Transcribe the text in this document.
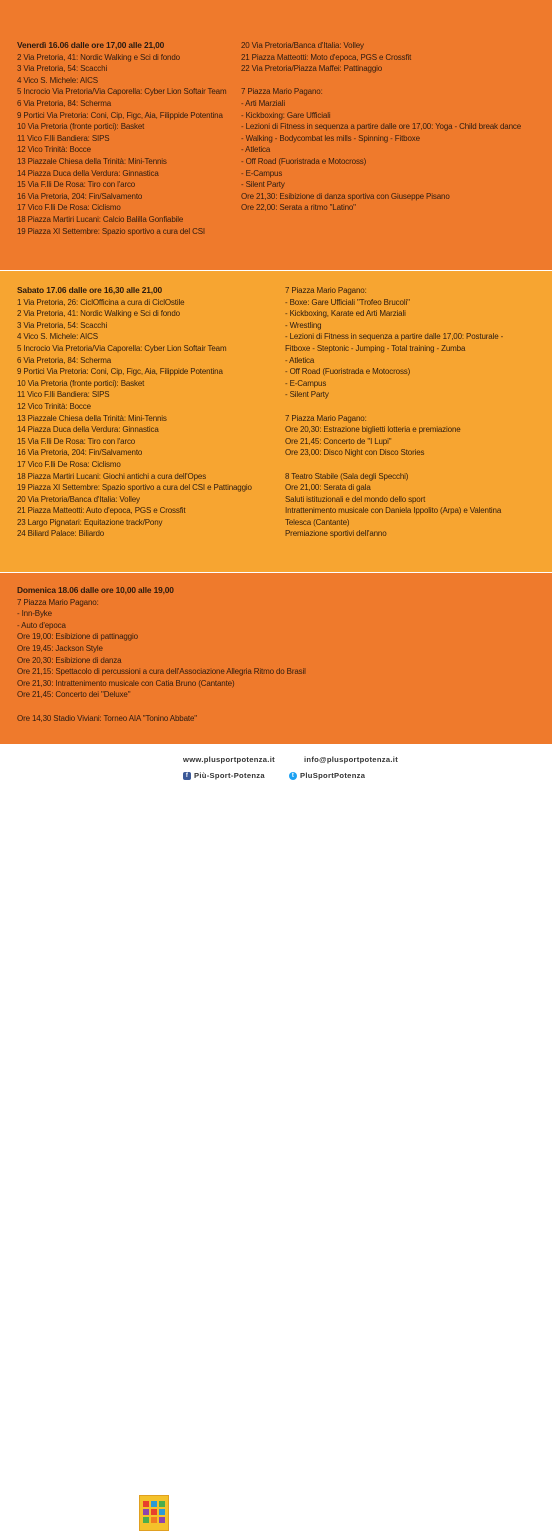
Venerdì 16.06 dalle ore 17,00 alle 21,00
2 Via Pretoria, 41: Nordic Walking e Sci di fondo
3 Via Pretoria, 54: Scacchi
4 Vico S. Michele: AICS
5 Incrocio Via Pretoria/Via Caporella: Cyber Lion Softair Team
6 Via Pretoria, 84: Scherma
9 Portici Via Pretoria: Coni, Cip, Figc, Aia, Filippide Potentina
10 Via Pretoria (fronte portici): Basket
11 Vico F.lli Bandiera: SIPS
12 Vico Trinità: Bocce
13 Piazzale Chiesa della Trinità: Mini-Tennis
14 Piazza Duca della Verdura: Ginnastica
15 Via F.lli De Rosa: Tiro con l'arco
16 Via Pretoria, 204: Fin/Salvamento
17 Vico F.lli De Rosa: Ciclismo
18 Piazza Martiri Lucani: Calcio Balilla Gonfiabile
19 Piazza XI Settembre: Spazio sportivo a cura del CSI
20 Via Pretoria/Banca d'Italia: Volley
21 Piazza Matteotti: Moto d'epoca, PGS e Crossfit
22 Via Pretoria/Piazza Maffei: Pattinaggio

7 Piazza Mario Pagano:
- Arti Marziali
- Kickboxing: Gare Ufficiali
- Lezioni di Fitness in sequenza a partire dalle ore 17,00: Yoga - Child break dance
- Walking - Bodycombat les mills - Spinning - Fitboxe
- Atletica
- Off Road (Fuoristrada e Motocross)
- E-Campus
- Silent Party
Ore 21,30: Esibizione di danza sportiva con Giuseppe Pisano
Ore 22,00: Serata a ritmo "Latino"
Sabato 17.06 dalle ore 16,30 alle 21,00
1 Via Pretoria, 26: CiclOfficina a cura di CiclOstile
2 Via Pretoria, 41: Nordic Walking e Sci di fondo
3 Via Pretoria, 54: Scacchi
4 Vico S. Michele: AICS
5 Incrocio Via Pretoria/Via Caporella: Cyber Lion Softair Team
6 Via Pretoria, 84: Scherma
9 Portici Via Pretoria: Coni, Cip, Figc, Aia, Filippide Potentina
10 Via Pretoria (fronte portici): Basket
11 Vico F.lli Bandiera: SIPS
12 Vico Trinità: Bocce
13 Piazzale Chiesa della Trinità: Mini-Tennis
14 Piazza Duca della Verdura: Ginnastica
15 Via F.lli De Rosa: Tiro con l'arco
16 Via Pretoria, 204: Fin/Salvamento
17 Vico F.lli De Rosa: Ciclismo
18 Piazza Martiri Lucani: Giochi antichi a cura dell'Opes
19 Piazza XI Settembre: Spazio sportivo a cura del CSI e Pattinaggio
20 Via Pretoria/Banca d'Italia: Volley
21 Piazza Matteotti: Auto d'epoca, PGS e Crossfit
23 Largo Pignatari: Equitazione track/Pony
24 Biliard Palace: Biliardo
7 Piazza Mario Pagano:
- Boxe: Gare Ufficiali "Trofeo Brucoli"
- Kickboxing, Karate ed Arti Marziali
- Wrestling
- Lezioni di Fitness in sequenza a partire dalle 17,00: Posturale -
Fitboxe - Steptonic - Jumping - Total training - Zumba
- Atletica
- Off Road (Fuoristrada e Motocross)
- E-Campus
- Silent Party

7 Piazza Mario Pagano:
Ore 20,30: Estrazione biglietti lotteria e premiazione
Ore 21,45: Concerto de "I Lupi"
Ore 23,00: Disco Night con Disco Stories

8 Teatro Stabile (Sala degli Specchi)
Ore 21,00: Serata di gala
Saluti istituzionali e del mondo dello sport
Intrattenimento musicale con Daniela Ippolito (Arpa) e Valentina
Telesca (Cantante)
Premiazione sportivi dell'anno
Domenica 18.06 dalle ore 10,00 alle 19,00
7 Piazza Mario Pagano:
- Inn-Byke
- Auto d'epoca
Ore 19,00: Esibizione di pattinaggio
Ore 19,45: Jackson Style
Ore 20,30: Esibizione di danza
Ore 21,15: Spettacolo di percussioni a cura dell'Associazione Allegria Ritmo do Brasil
Ore 21,30: Intrattenimento musicale con Catia Bruno (Cantante)
Ore 21,45: Concerto dei "Deluxe"

Ore 14,30 Stadio Viviani: Torneo AIA "Tonino Abbate"
www.plusportpotenza.it	info@plusportpotenza.it
f Più-Sport-Potenza	t PluSportPotenza
